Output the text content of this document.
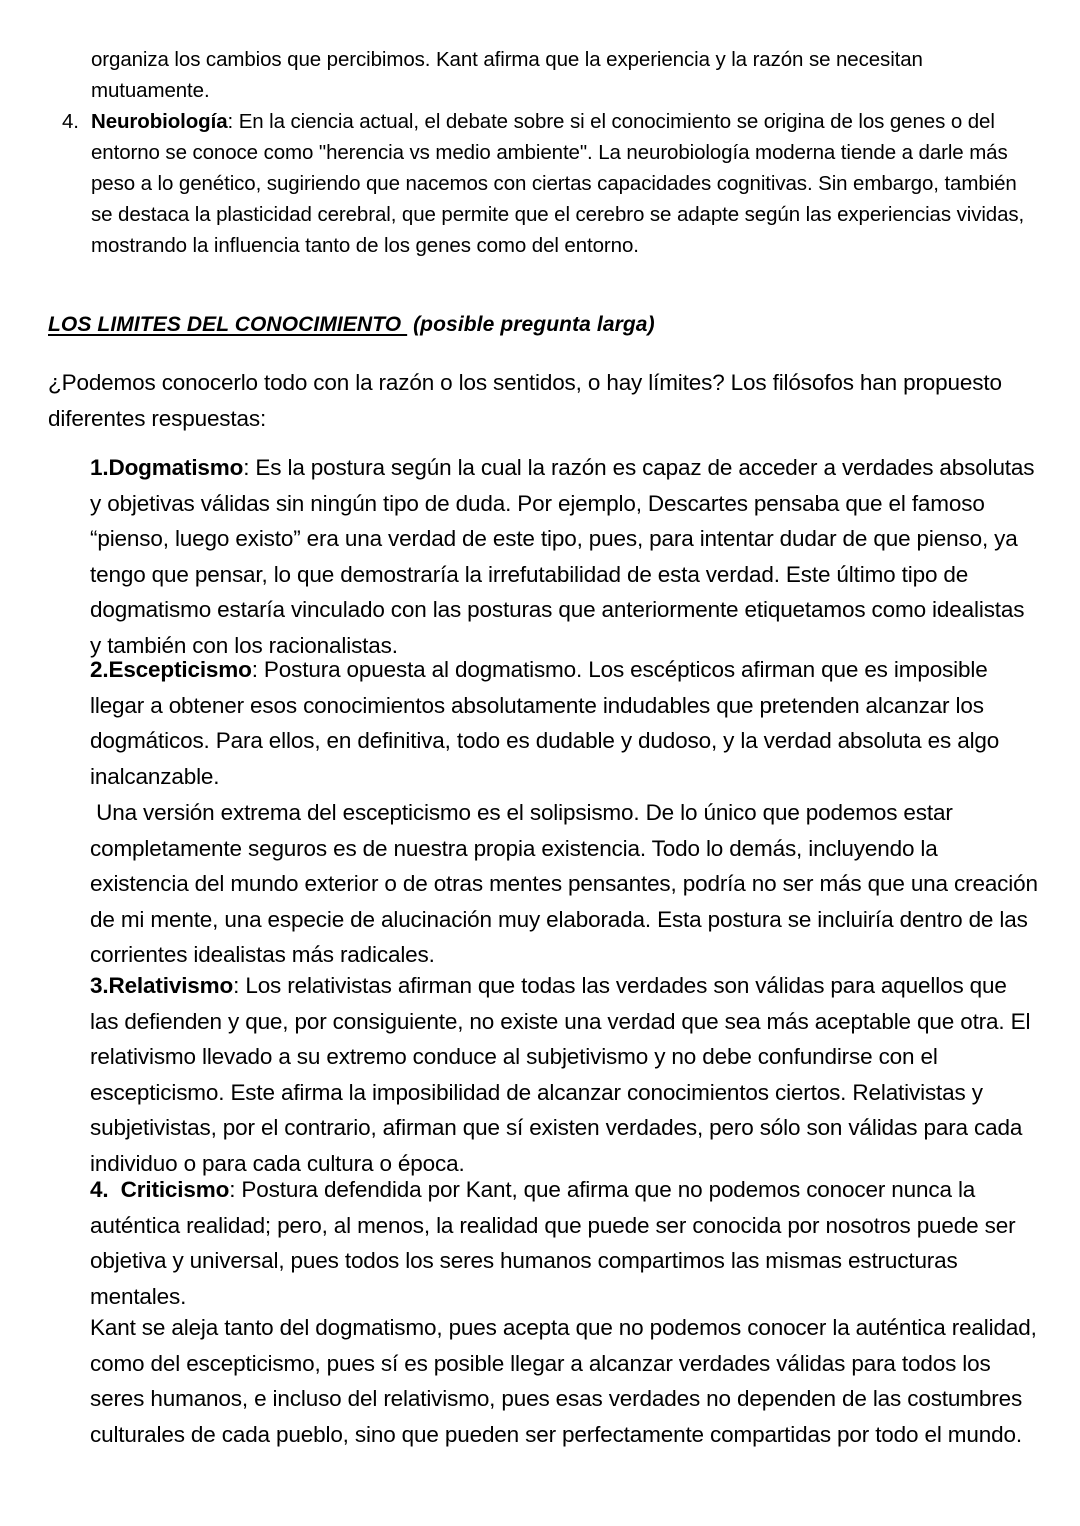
organiza los cambios que percibimos. Kant afirma que la experiencia y la razón se necesitan
mutuamente.
4. Neurobiología: En la ciencia actual, el debate sobre si el conocimiento se origina de los genes o del entorno se conoce como "herencia vs medio ambiente". La neurobiología moderna tiende a darle más peso a lo genético, sugiriendo que nacemos con ciertas capacidades cognitivas. Sin embargo, también se destaca la plasticidad cerebral, que permite que el cerebro se adapte según las experiencias vividas, mostrando la influencia tanto de los genes como del entorno.
LOS LIMITES DEL CONOCIMIENTO  (posible pregunta larga)
¿Podemos conocerlo todo con la razón o los sentidos, o hay límites? Los filósofos han propuesto diferentes respuestas:
1.Dogmatismo: Es la postura según la cual la razón es capaz de acceder a verdades absolutas y objetivas válidas sin ningún tipo de duda. Por ejemplo, Descartes pensaba que el famoso “pienso, luego existo” era una verdad de este tipo, pues, para intentar dudar de que pienso, ya tengo que pensar, lo que demostraría la irrefutabilidad de esta verdad. Este último tipo de dogmatismo estaría vinculado con las posturas que anteriormente etiquetamos como idealistas y también con los racionalistas.
2.Escepticismo: Postura opuesta al dogmatismo. Los escépticos afirman que es imposible llegar a obtener esos conocimientos absolutamente indudables que pretenden alcanzar los dogmáticos. Para ellos, en definitiva, todo es dudable y dudoso, y la verdad absoluta es algo inalcanzable.
Una versión extrema del escepticismo es el solipsismo. De lo único que podemos estar completamente seguros es de nuestra propia existencia. Todo lo demás, incluyendo la existencia del mundo exterior o de otras mentes pensantes, podría no ser más que una creación de mi mente, una especie de alucinación muy elaborada. Esta postura se incluiría dentro de las corrientes idealistas más radicales.
3.Relativismo: Los relativistas afirman que todas las verdades son válidas para aquellos que las defienden y que, por consiguiente, no existe una verdad que sea más aceptable que otra. El relativismo llevado a su extremo conduce al subjetivismo y no debe confundirse con el escepticismo. Este afirma la imposibilidad de alcanzar conocimientos ciertos. Relativistas y subjetivistas, por el contrario, afirman que sí existen verdades, pero sólo son válidas para cada individuo o para cada cultura o época.
4.  Criticismo: Postura defendida por Kant, que afirma que no podemos conocer nunca la auténtica realidad; pero, al menos, la realidad que puede ser conocida por nosotros puede ser objetiva y universal, pues todos los seres humanos compartimos las mismas estructuras mentales.
Kant se aleja tanto del dogmatismo, pues acepta que no podemos conocer la auténtica realidad, como del escepticismo, pues sí es posible llegar a alcanzar verdades válidas para todos los seres humanos, e incluso del relativismo, pues esas verdades no dependen de las costumbres culturales de cada pueblo, sino que pueden ser perfectamente compartidas por todo el mundo.
